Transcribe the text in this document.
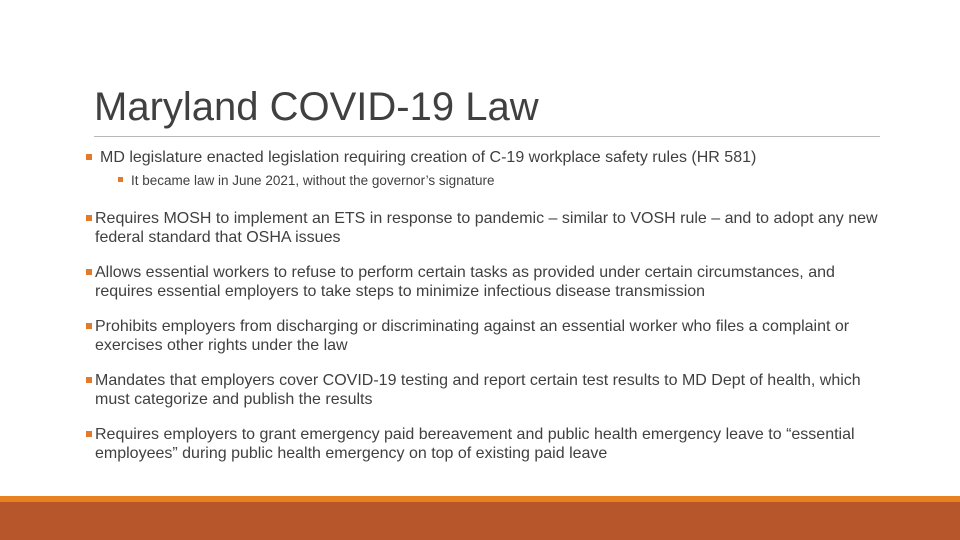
Maryland COVID-19 Law
MD legislature enacted legislation requiring creation of C-19 workplace safety rules (HR 581)
It became law in June 2021, without the governor’s signature
Requires MOSH to implement an ETS in response to pandemic – similar to VOSH rule – and to adopt any new federal standard that OSHA issues
Allows essential workers to refuse to perform certain tasks as provided under certain circumstances, and requires essential employers to take steps to minimize infectious disease transmission
Prohibits employers from discharging or discriminating against an essential worker who files a complaint or exercises other rights under the law
Mandates that employers cover COVID-19 testing and report certain test results to MD Dept of health, which must categorize and publish the results
Requires employers to grant emergency paid bereavement and public health emergency leave to “essential employees” during public health emergency on top of existing paid leave
